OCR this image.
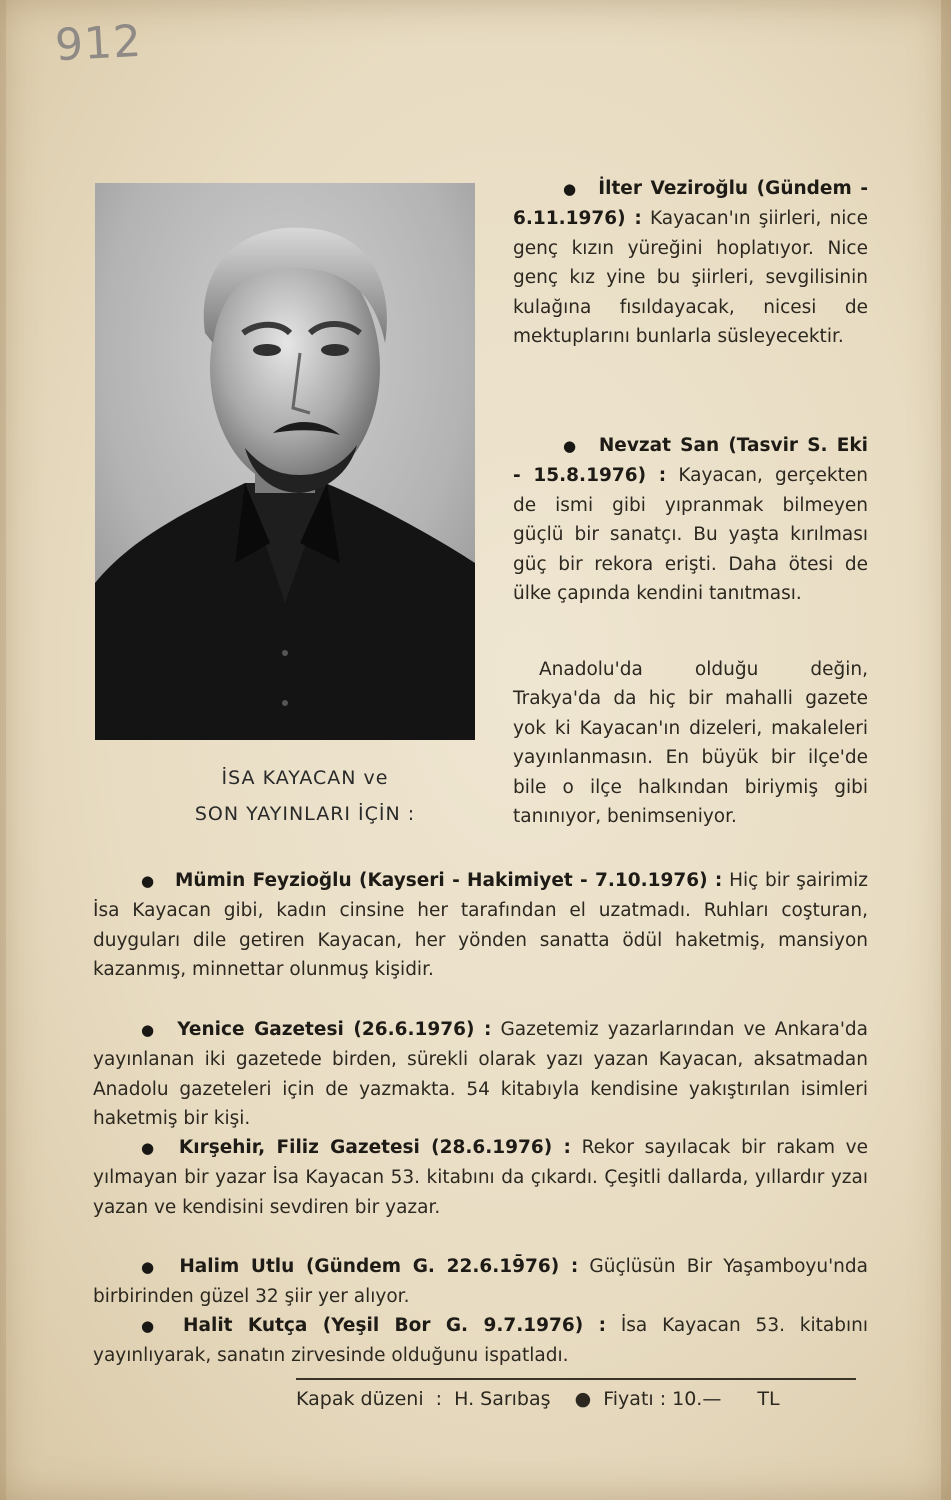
912
İSA KAYACAN ve
SON YAYINLARI İÇİN :

● İlter Veziroğlu (Gündem - 6.11.1976) : Kayacan'ın şiirleri, nice genç kızın yüreğini hoplatıyor. Nice genç kız yine bu şiirleri, sevgilisinin kulağına fısıldayacak, nicesi de mektuplarını bunlarla süsleyecektir.

● Nevzat San (Tasvir S. Eki - 15.8.1976) : Kayacan, gerçekten de ismi gibi yıpranmak bilmeyen güçlü bir sanatçı. Bu yaşta kırılması güç bir rekora erişti. Daha ötesi de ülke çapında kendini tanıtması.

Anadolu'da olduğu değin, Trakya'da da hiç bir mahalli gazete yok ki Kayacan'ın dizeleri, makaleleri yayınlanmasın. En büyük bir ilçe'de bile o ilçe halkından biriymiş gibi tanınıyor, benimseniyor.

● Mümin Feyzioğlu (Kayseri - Hakimiyet - 7.10.1976) : Hiç bir şairimiz İsa Kayacan gibi, kadın cinsine her tarafından el uzatmadı. Ruhları coşturan, duyguları dile getiren Kayacan, her yönden sanatta ödül haketmiş, mansiyon kazanmış, minnettar olunmuş kişidir.

● Yenice Gazetesi (26.6.1976) : Gazetemiz yazarlarından ve Ankara'da yayınlanan iki gazetede birden, sürekli olarak yazı yazan Kayacan, aksatmadan Anadolu gazeteleri için de yazmakta. 54 kitabıyla kendisine yakıştırılan isimleri haketmiş bir kişi.

● Kırşehir, Filiz Gazetesi (28.6.1976) : Rekor sayılacak bir rakam ve yılmayan bir yazar İsa Kayacan 53. kitabını da çıkardı. Çeşitli dallarda, yıllardır yzaı yazan ve kendisini sevdiren bir yazar.

● Halim Utlu (Gündem G. 22.6.19̄76) : Güçlüsün Bir Yaşamboyu'nda birbirinden güzel 32 şiir yer alıyor.

● Halit Kutça (Yeşil Bor G. 9.7.1976) : İsa Kayacan 53. kitabını yayınlıyarak, sanatın zirvesinde olduğunu ispatladı.

Kapak düzeni : H. Sarıbaş ● Fiyatı : 10.— TL
